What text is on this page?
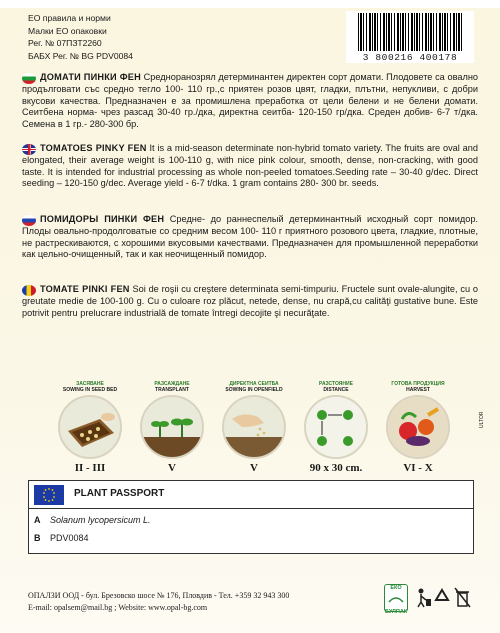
ЕО правила и норми
Малки ЕО опаковки
Рег. № 07ПЗТ2260
БАБХ Рег. № BG PDV0084	3 800216 400178

ДОМАТИ ПИНКИ ФЕН Средноранозрял детерминантен директен сорт домати. Плодовете са овално продълговати със средно тегло 100- 110 гр.,с приятен розов цвят, гладки, плътни, непукливи, с добри вкусови качества. Предназначен е за промишлена преработка от цели белени и не белени домати. Сеитбена норма- чрез разсад 30-40 гр./дка, директна сеитба- 120-150 гр/дка. Среден добив- 6-7 т/дка. Семена в 1 гр.- 280-300 бр.

TOMATOES PINKY FEN It is a mid-season determinate non-hybrid tomato variety. The fruits are oval and elongated, their average weight is 100-110 g, with nice pink colour, smooth, dense, non-cracking, with good taste. It is intended for industrial processing as whole non-peeled tomatoes.Seeding rate – 30-40 g/dec. Direct seeding – 120-150 g/dec. Average yield - 6-7 t/dka. 1 gram contains 280- 300 br. seeds.

ПОМИДОРЫ ПИНКИ ФЕН Средне- до раннеспелый детерминантный исходный сорт помидор. Плоды овально-продолговатые со средним весом 100- 110 г приятного розового цвета, гладкие, плотные, не растрескиваются, с хорошими вкусовыми качествами. Предназначен для промышленной переработки как цельно-очищенный, так и как неочищенный помидор.

TOMATE PINKI FEN Soi de roşii cu creştere determinata semi-timpuriu. Fructele sunt ovale-alungite, cu o greutate medie de 100-100 g. Cu o culoare roz plăcut, netede, dense, nu crapă,cu calităţi gustative bune. Este potrivit pentru prelucrare industrială de tomate întregi decojite şi necurăţate.

ЗАСЯВАНЕ
SOWING IN SEED BED
II - III
РАЗСАЖДАНЕ
TRANSPLANT
V
ДИРЕКТНА СЕИТБА
SOWING IN OPENFIELD
V
РАЗСТОЯНИЕ
DISTANCE
90 x 30 cm.
ГОТОВА ПРОДУКЦИЯ
HARVEST
VI - X
ULTOR
PLANT PASSPORT
A Solanum lycopersicum L.
B PDV0084
ОПАЛЗИ ООД - бул. Брезовско шосе № 176, Пловдив - Тел. +359 32 943 300
E-mail: opalsem@mail.bg ; Website: www.opal-bg.com
ЕКО
БУЛПАК
